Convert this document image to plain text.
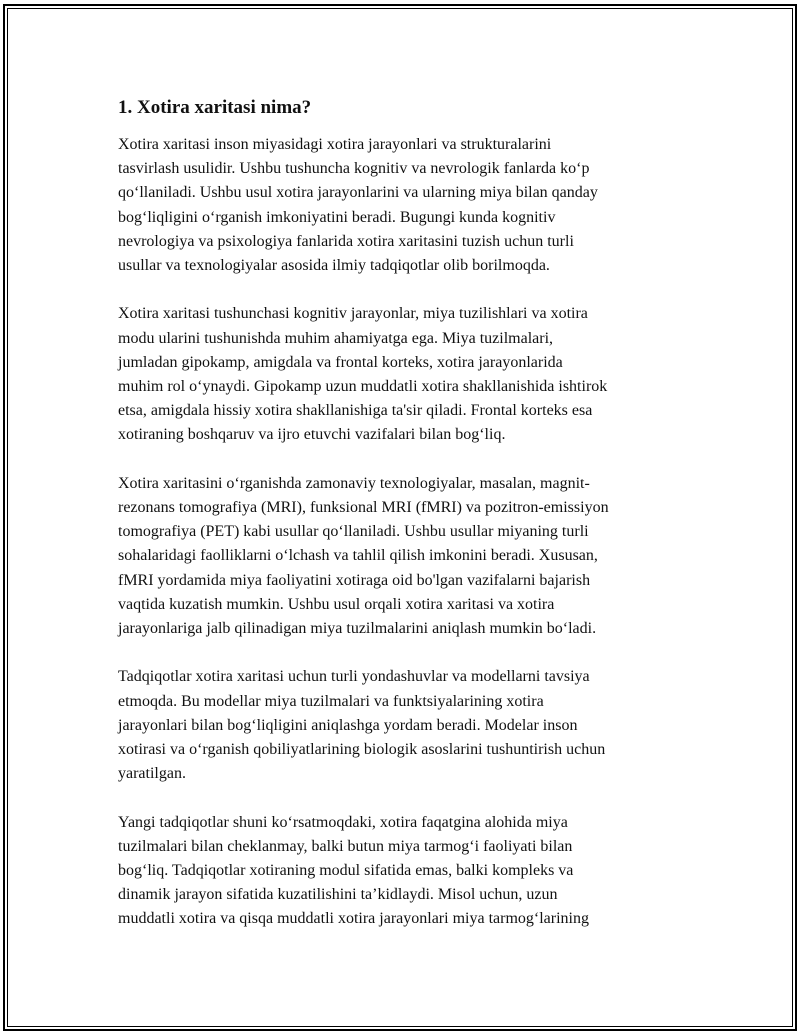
1. Xotira xaritasi nima?
Xotira xaritasi inson miyasidagi xotira jarayonlari va strukturalarini
tasvirlash usulidir. Ushbu tushuncha kognitiv va nevrologik fanlarda ko‘p
qo‘llaniladi. Ushbu usul xotira jarayonlarini va ularning miya bilan qanday
bog‘liqligini o‘rganish imkoniyatini beradi. Bugungi kunda kognitiv
nevrologiya va psixologiya fanlarida xotira xaritasini tuzish uchun turli
usullar va texnologiyalar asosida ilmiy tadqiqotlar olib borilmoqda.
Xotira xaritasi tushunchasi kognitiv jarayonlar, miya tuzilishlari va xotira
modu ularini tushunishda muhim ahamiyatga ega. Miya tuzilmalari,
jumladan gipokamp, amigdala va frontal korteks, xotira jarayonlarida
muhim rol o‘ynaydi. Gipokamp uzun muddatli xotira shakllanishida ishtirok
etsa, amigdala hissiy xotira shakllanishiga ta'sir qiladi. Frontal korteks esa
xotiraning boshqaruv va ijro etuvchi vazifalari bilan bog‘liq.
Xotira xaritasini o‘rganishda zamonaviy texnologiyalar, masalan, magnit-
rezonans tomografiya (MRI), funksional MRI (fMRI) va pozitron-emissiyon
tomografiya (PET) kabi usullar qo‘llaniladi. Ushbu usullar miyaning turli
sohalaridagi faolliklarni o‘lchash va tahlil qilish imkonini beradi. Xususan,
fMRI yordamida miya faoliyatini xotiraga oid bo'lgan vazifalarni bajarish
vaqtida kuzatish mumkin. Ushbu usul orqali xotira xaritasi va xotira
jarayonlariga jalb qilinadigan miya tuzilmalarini aniqlash mumkin bo‘ladi.
Tadqiqotlar xotira xaritasi uchun turli yondashuvlar va modellarni tavsiya
etmoqda. Bu modellar miya tuzilmalari va funktsiyalarining xotira
jarayonlari bilan bog‘liqligini aniqlashga yordam beradi. Modelar inson
xotirasi va o‘rganish qobiliyatlarining biologik asoslarini tushuntirish uchun
yaratilgan.
Yangi tadqiqotlar shuni ko‘rsatmoqdaki, xotira faqatgina alohida miya
tuzilmalari bilan cheklanmay, balki butun miya tarmog‘i faoliyati bilan
bog‘liq. Tadqiqotlar xotiraning modul sifatida emas, balki kompleks va
dinamik jarayon sifatida kuzatilishini ta’kidlaydi. Misol uchun, uzun
muddatli xotira va qisqa muddatli xotira jarayonlari miya tarmog‘larining
